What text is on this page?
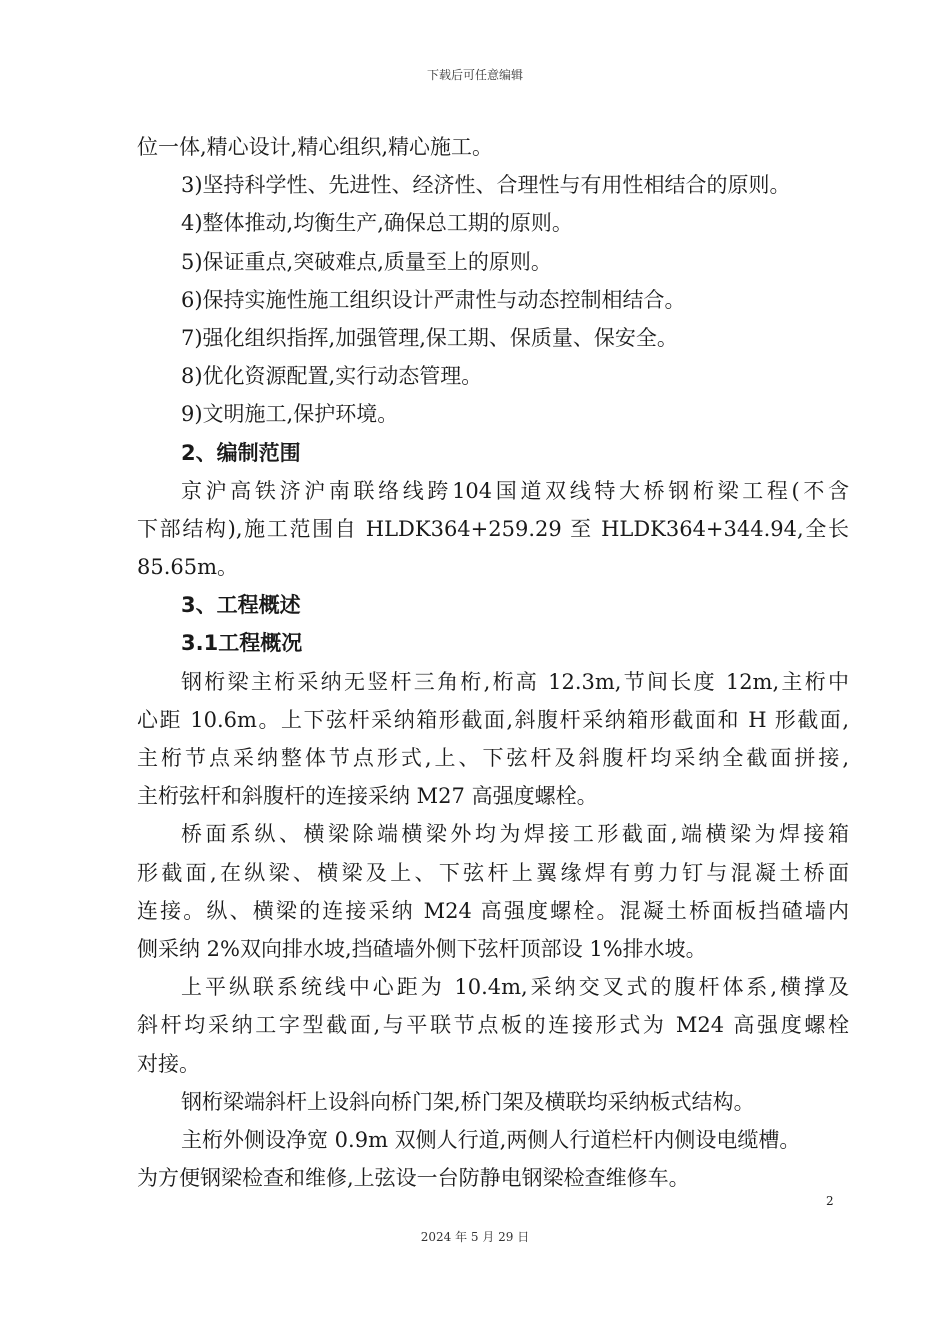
下载后可任意编辑
位一体,精心设计,精心组织,精心施工。
3)坚持科学性、先进性、经济性、合理性与有用性相结合的原则。
4)整体推动,均衡生产,确保总工期的原则。
5)保证重点,突破难点,质量至上的原则。
6)保持实施性施工组织设计严肃性与动态控制相结合。
7)强化组织指挥,加强管理,保工期、保质量、保安全。
8)优化资源配置,实行动态管理。
9)文明施工,保护环境。
2、编制范围
京沪高铁济沪南联络线跨104国道双线特大桥钢桁梁工程(不含
下部结构),施工范围自 HLDK364+259.29 至 HLDK364+344.94,全长
85.65m。
3、工程概述
3.1工程概况
钢桁梁主桁采纳无竖杆三角桁,桁高 12.3m,节间长度 12m,主桁中
心距 10.6m。上下弦杆采纳箱形截面,斜腹杆采纳箱形截面和 H 形截面,
主桁节点采纳整体节点形式,上、下弦杆及斜腹杆均采纳全截面拼接,
主桁弦杆和斜腹杆的连接采纳 M27 高强度螺栓。
桥面系纵、横梁除端横梁外均为焊接工形截面,端横梁为焊接箱
形截面,在纵梁、横梁及上、下弦杆上翼缘焊有剪力钉与混凝土桥面
连接。纵、横梁的连接采纳 M24 高强度螺栓。混凝土桥面板挡碴墙内
侧采纳 2%双向排水坡,挡碴墙外侧下弦杆顶部设 1%排水坡。
上平纵联系统线中心距为 10.4m,采纳交叉式的腹杆体系,横撑及
斜杆均采纳工字型截面,与平联节点板的连接形式为 M24 高强度螺栓
对接。
钢桁梁端斜杆上设斜向桥门架,桥门架及横联均采纳板式结构。
主桁外侧设净宽 0.9m 双侧人行道,两侧人行道栏杆内侧设电缆槽。
为方便钢梁检查和维修,上弦设一台防静电钢梁检查维修车。
2
2024 年 5 月 29 日
